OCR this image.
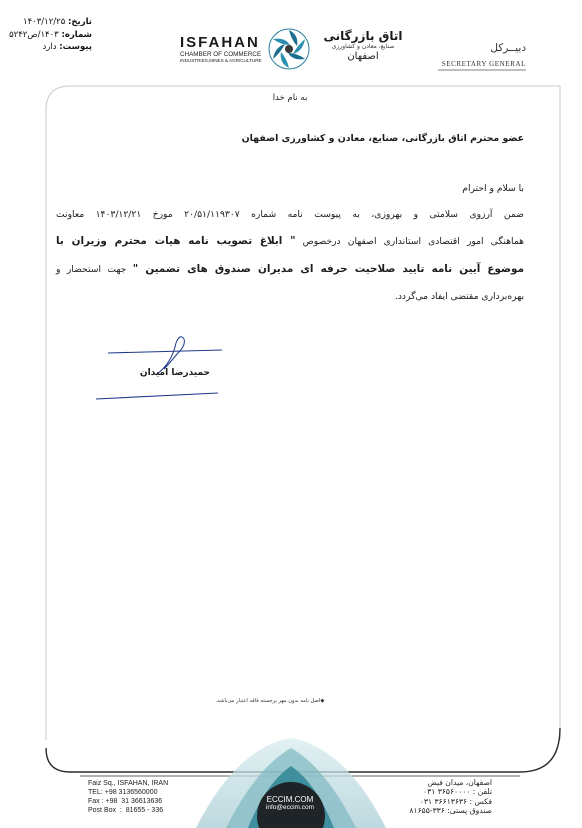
تاریخ: ۱۴۰۳/۱۲/۲۵
شماره: ۱۴۰۳/ص۵۲۴۲
پیوست: دارد	ISFAHAN
CHAMBER OF COMMERCE
INDUSTRIES,MINES & AGRICULTURE
اتاق بازرگانی
صنایع، معادن و کشاورزی
اصفهان
دبیــرکل
SECRETARY GENERAL
به نام خدا
عضو محترم اتاق بازرگانی، صنایع، معادن و کشاورزی اصفهان
با سلام و احترام
ضمن آرزوی سلامتی و بهروزی، به پیوست نامه شماره ۲۰/۵۱/۱۱۹۳۰۷ مورخ ۱۴۰۳/۱۲/۲۱ معاونت
هماهنگی امور اقتصادی استانداری اصفهان درخصوص " ابلاغ تصویب نامه هیات محترم وزیران با
موضوع آیین نامه تایید صلاحیت حرفه ای مدیران صندوق های تضمین " جهت استحضار و
بهره‌برداری مقتضی ایفاد می‌گردد.
حمیدرضا امیدان
◆اصل نامه بدون مهر برجسته فاقد اعتبار می‌باشد.
ECCIM.COM
info@eccim.com
Faiz Sq., ISFAHAN, IRAN
TEL: +98 3136560000
Fax : +98  31 36613636
Post Box  :  81655 - 336
اصفهان، میدان فیض
تلفن : ۳۶۵۶۰۰۰۰ ۰۳۱
فکس : ۳۶۶۱۳۶۳۶ ۰۳۱
صندوق پستی: ۳۳۶-۸۱۶۵۵
